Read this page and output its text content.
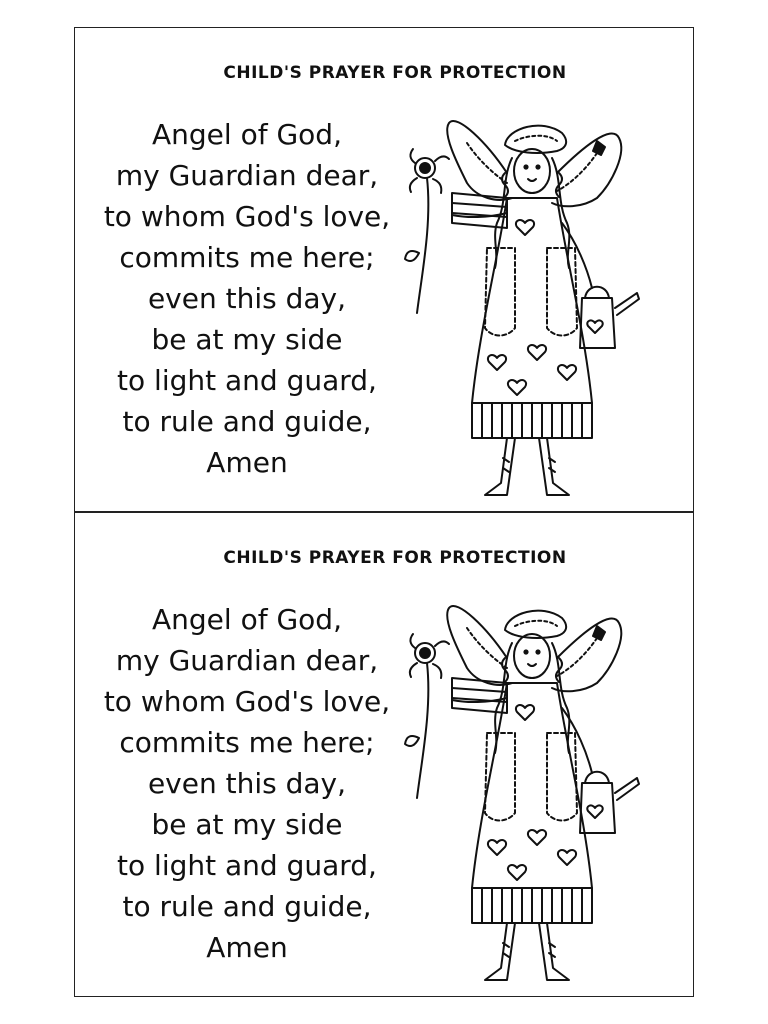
CHILD'S PRAYER FOR PROTECTION
Angel of God,
my Guardian dear,
to whom God's love,
commits me here;
even this day,
be at my side
to light and guard,
to rule and guide,
Amen
CHILD'S PRAYER FOR PROTECTION
Angel of God,
my Guardian dear,
to whom God's love,
commits me here;
even this day,
be at my side
to light and guard,
to rule and guide,
Amen
